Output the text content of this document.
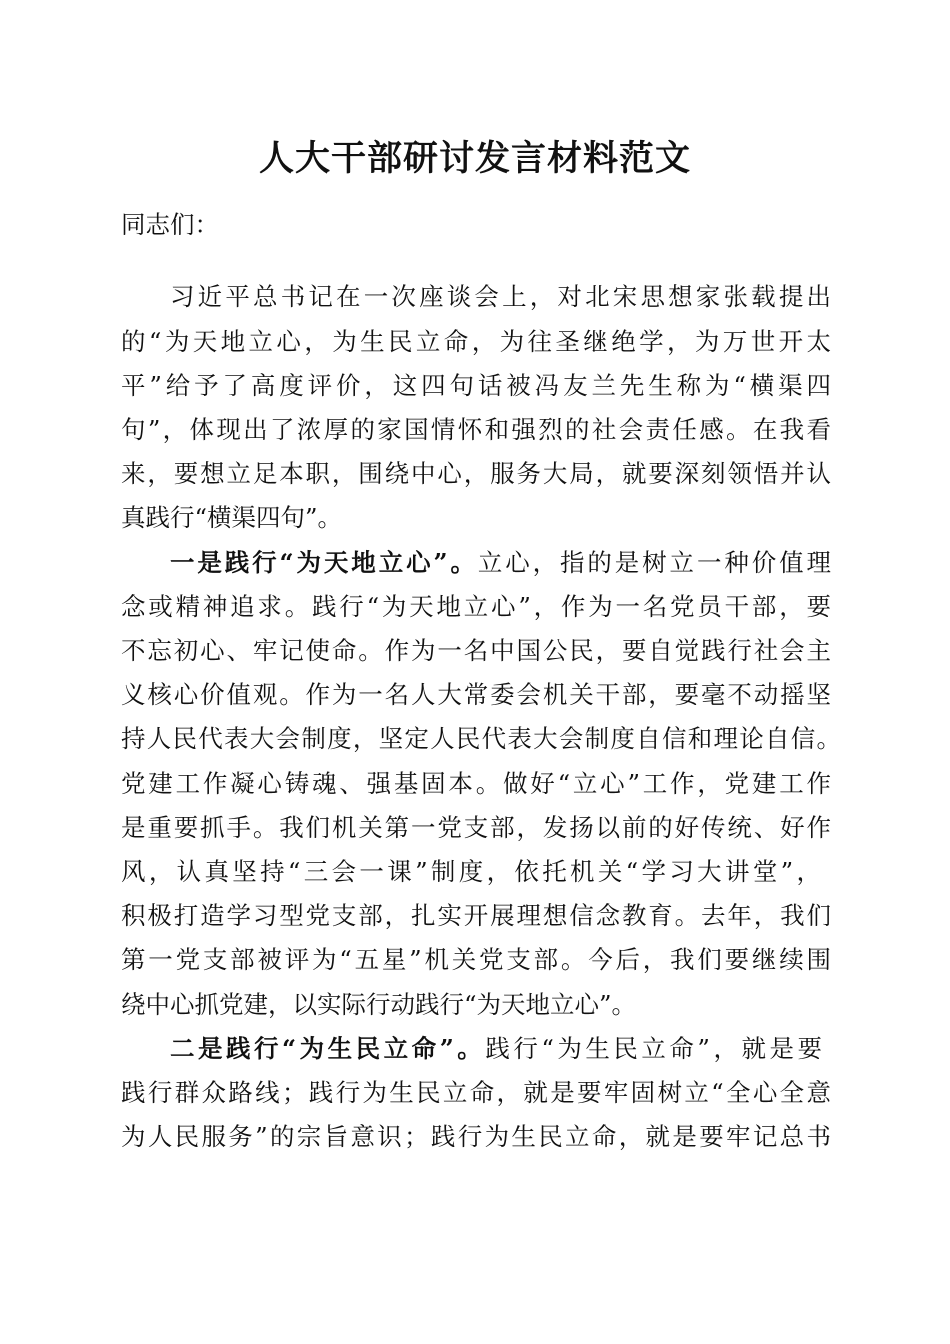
人大干部研讨发言材料范文
同志们：
习近平总书记在一次座谈会上，对北宋思想家张载提出
的“为天地立心，为生民立命，为往圣继绝学，为万世开太
平”给予了高度评价，这四句话被冯友兰先生称为“横渠四
句”，体现出了浓厚的家国情怀和强烈的社会责任感。在我看
来，要想立足本职，围绕中心，服务大局，就要深刻领悟并认
真践行“横渠四句”。
一是践行“为天地立心”。立心，指的是树立一种价值理
念或精神追求。践行“为天地立心”，作为一名党员干部，要
不忘初心、牢记使命。作为一名中国公民，要自觉践行社会主
义核心价值观。作为一名人大常委会机关干部，要毫不动摇坚
持人民代表大会制度，坚定人民代表大会制度自信和理论自信。
党建工作凝心铸魂、强基固本。做好“立心”工作，党建工作
是重要抓手。我们机关第一党支部，发扬以前的好传统、好作
风，认真坚持“三会一课”制度，依托机关“学习大讲堂”，
积极打造学习型党支部，扎实开展理想信念教育。去年，我们
第一党支部被评为“五星”机关党支部。今后，我们要继续围
绕中心抓党建，以实际行动践行“为天地立心”。
二是践行“为生民立命”。践行“为生民立命”，就是要
践行群众路线；践行为生民立命，就是要牢固树立“全心全意
为人民服务”的宗旨意识；践行为生民立命，就是要牢记总书
